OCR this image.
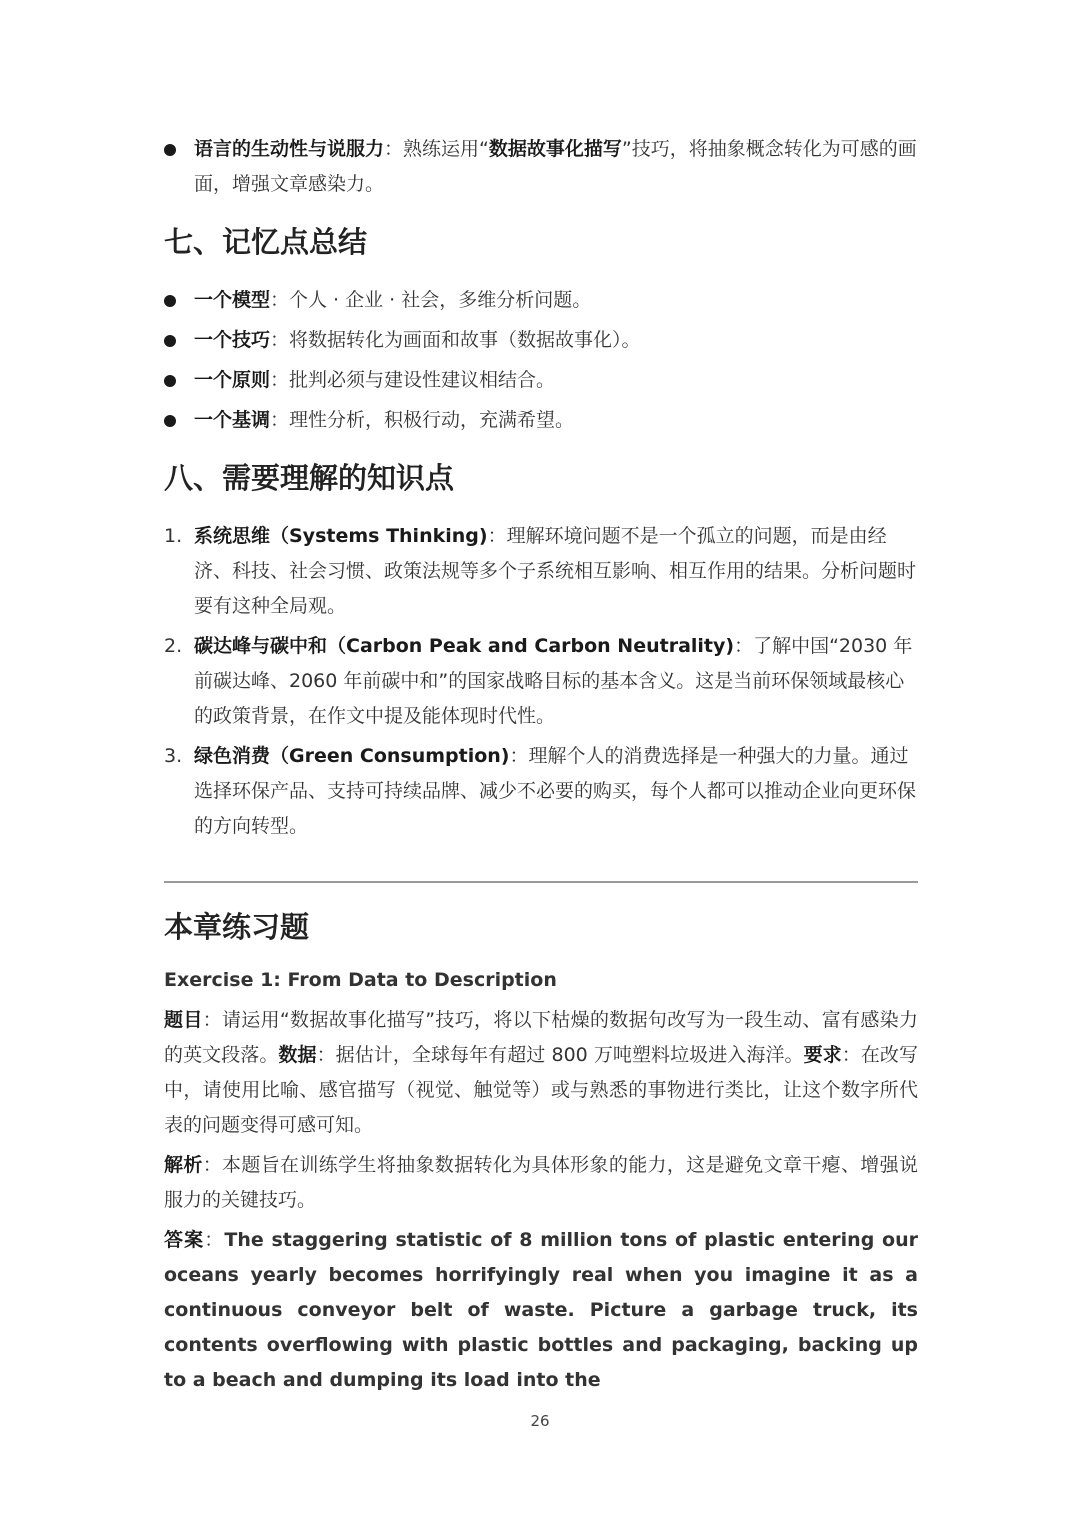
语言的生动性与说服力：熟练运用“数据故事化描写”技巧，将抽象概念转化为可感的画面，增强文章感染力。
七、记忆点总结
一个模型：个人 · 企业 · 社会，多维分析问题。
一个技巧：将数据转化为画面和故事（数据故事化）。
一个原则：批判必须与建设性建议相结合。
一个基调：理性分析，积极行动，充满希望。
八、需要理解的知识点
1. 系统思维（Systems Thinking)：理解环境问题不是一个孤立的问题，而是由经济、科技、社会习惯、政策法规等多个子系统相互影响、相互作用的结果。分析问题时要有这种全局观。
2. 碳达峰与碳中和（Carbon Peak and Carbon Neutrality)：了解中国“2030 年前碳达峰、2060 年前碳中和”的国家战略目标的基本含义。这是当前环保领域最核心的政策背景，在作文中提及能体现时代性。
3. 绿色消费（Green Consumption)：理解个人的消费选择是一种强大的力量。通过选择环保产品、支持可持续品牌、减少不必要的购买，每个人都可以推动企业向更环保的方向转型。
本章练习题
Exercise 1: From Data to Description
题目：请运用“数据故事化描写”技巧，将以下枯燥的数据句改写为一段生动、富有感染力的英文段落。数据：据估计，全球每年有超过 800 万吨塑料垃圾进入海洋。要求：在改写中，请使用比喻、感官描写（视觉、触觉等）或与熟悉的事物进行类比，让这个数字所代表的问题变得可感可知。
解析：本题旨在训练学生将抽象数据转化为具体形象的能力，这是避免文章干瘪、增强说服力的关键技巧。
答案：The staggering statistic of 8 million tons of plastic entering our oceans yearly becomes horrifyingly real when you imagine it as a continuous conveyor belt of waste. Picture a garbage truck, its contents overflowing with plastic bottles and packaging, backing up to a beach and dumping its load into the
26
